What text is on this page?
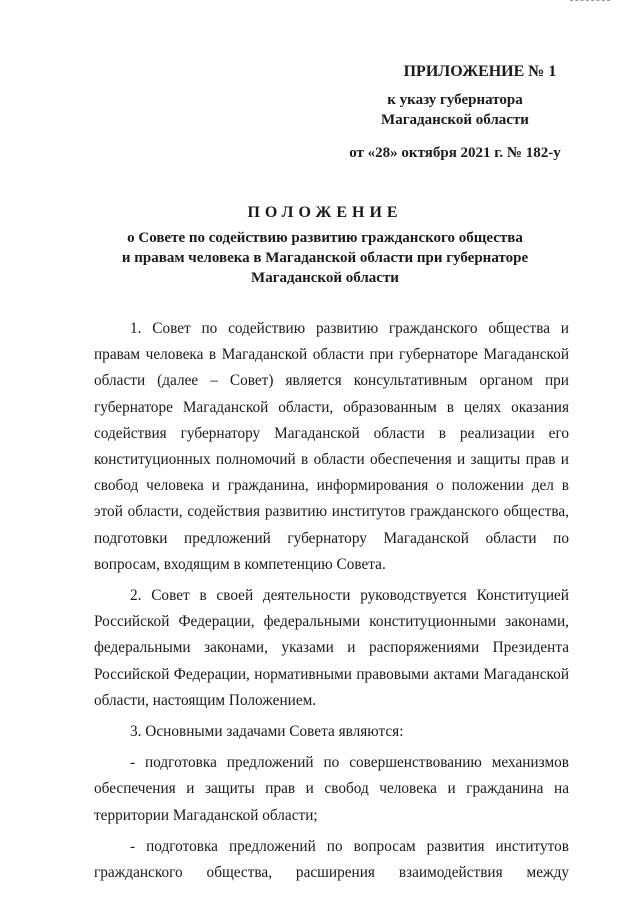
ПРИЛОЖЕНИЕ № 1
к указу губернатора
Магаданской области
от «28» октября 2021 г. № 182-у
ПОЛОЖЕНИЕ
о Совете по содействию развитию гражданского общества
и правам человека в Магаданской области при губернаторе
Магаданской области

1. Совет по содействию развитию гражданского общества и правам человека в Магаданской области при губернаторе Магаданской области (далее – Совет) является консультативным органом при губернаторе Магаданской области, образованным в целях оказания содействия губернатору Магаданской области в реализации его конституционных полномочий в области обеспечения и защиты прав и свобод человека и гражданина, информирования о положении дел в этой области, содействия развитию институтов гражданского общества, подготовки предложений губернатору Магаданской области по вопросам, входящим в компетенцию Совета.

2. Совет в своей деятельности руководствуется Конституцией Российской Федерации, федеральными конституционными законами, федеральными законами, указами и распоряжениями Президента Российской Федерации, нормативными правовыми актами Магаданской области, настоящим Положением.

3. Основными задачами Совета являются:

- подготовка предложений по совершенствованию механизмов обеспечения и защиты прав и свобод человека и гражданина на территории Магаданской области;

- подготовка предложений по вопросам развития институтов гражданского общества, расширения взаимодействия между
